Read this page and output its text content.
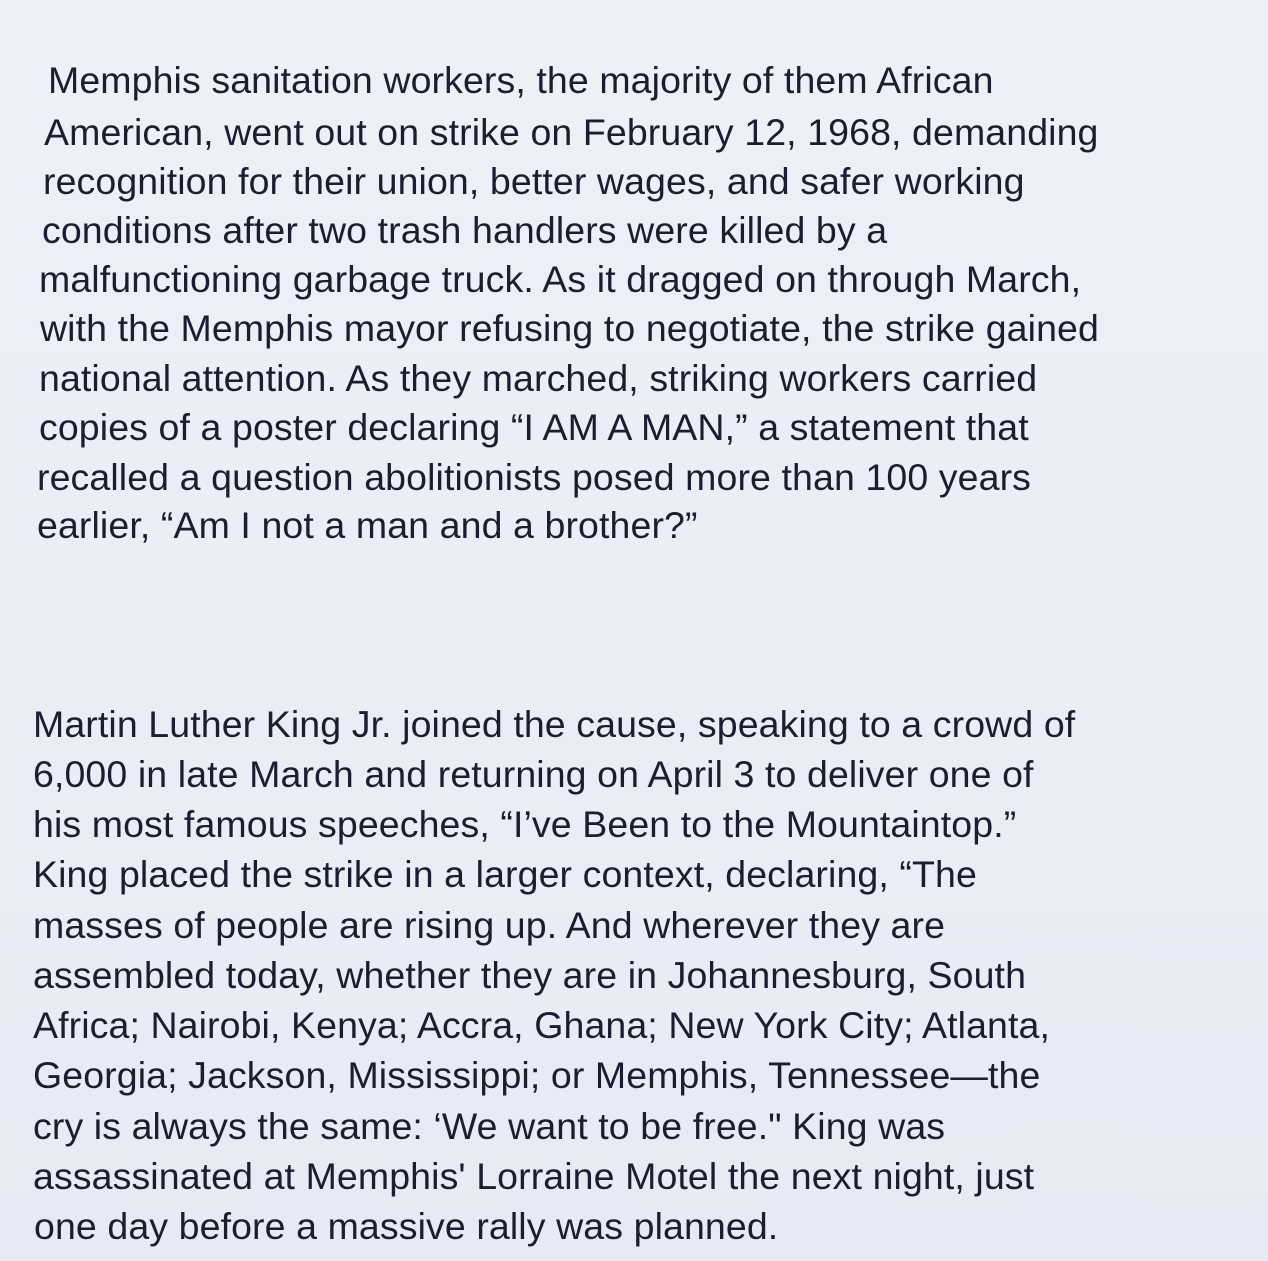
Memphis sanitation workers, the majority of them African
American, went out on strike on February 12, 1968, demanding
recognition for their union, better wages, and safer working
conditions after two trash handlers were killed by a
malfunctioning garbage truck. As it dragged on through March,
with the Memphis mayor refusing to negotiate, the strike gained
national attention. As they marched, striking workers carried
copies of a poster declaring “I AM A MAN,” a statement that
recalled a question abolitionists posed more than 100 years
earlier, “Am I not a man and a brother?”
Martin Luther King Jr. joined the cause, speaking to a crowd of
6,000 in late March and returning on April 3 to deliver one of
his most famous speeches, “I’ve Been to the Mountaintop.”
King placed the strike in a larger context, declaring, “The
masses of people are rising up. And wherever they are
assembled today, whether they are in Johannesburg, South
Africa; Nairobi, Kenya; Accra, Ghana; New York City; Atlanta,
Georgia; Jackson, Mississippi; or Memphis, Tennessee—the
cry is always the same: ‘We want to be free." King was
assassinated at Memphis' Lorraine Motel the next night, just
one day before a massive rally was planned.
